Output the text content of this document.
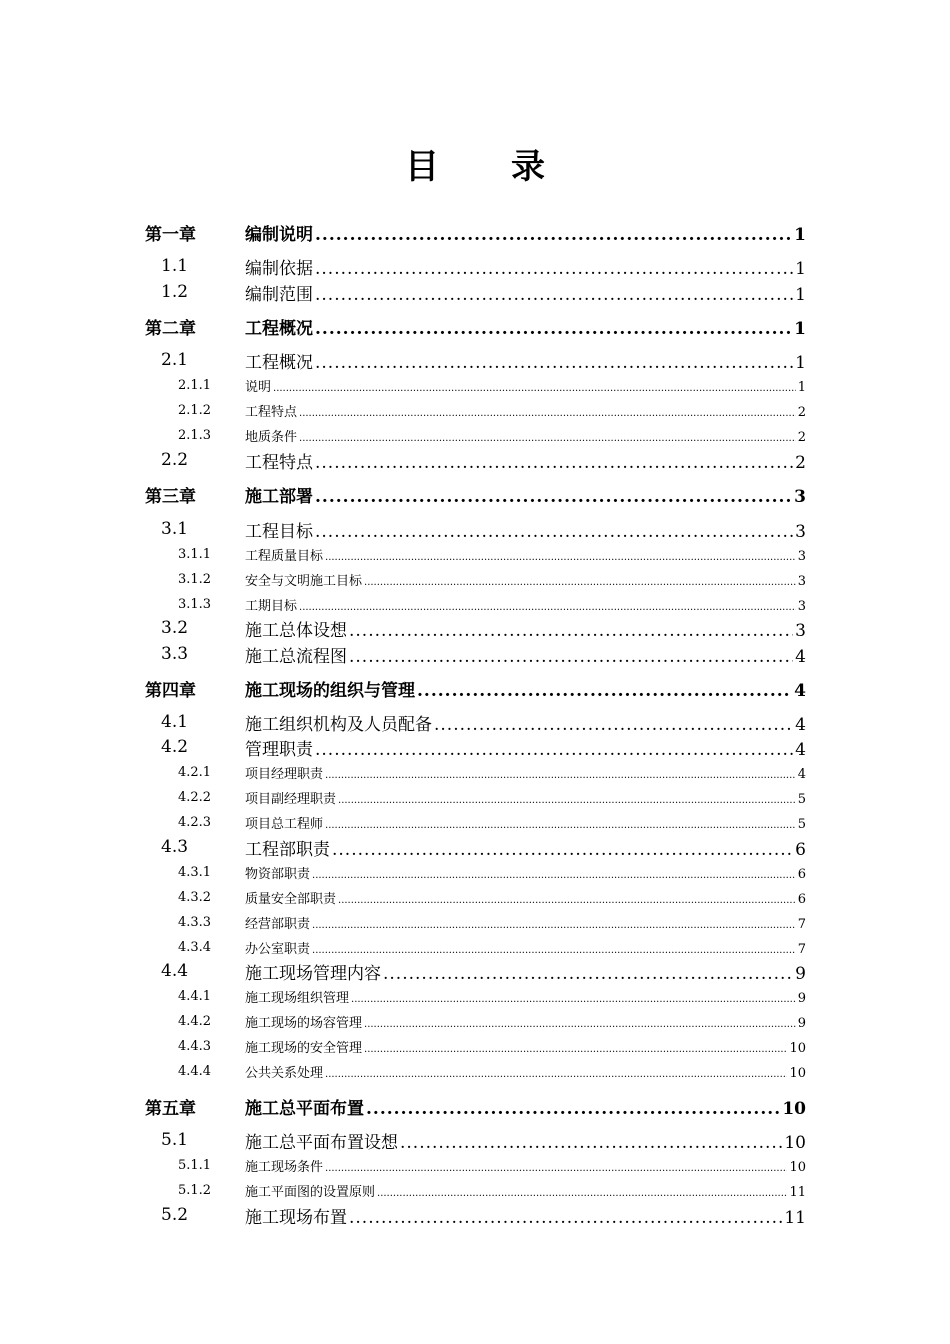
目 录
第一章	编制说明 .....	1
1.1	编制依据 .....	1
1.2	编制范围 .....	1
第二章	工程概况 .....	1
2.1	工程概况 .....	1
2.1.1	说明 .....	1
2.1.2	工程特点 .....	2
2.1.3	地质条件 .....	2
2.2	工程特点 .....	2
第三章	施工部署 .....	3
3.1	工程目标 .....	3
3.1.1	工程质量目标 .....	3
3.1.2	安全与文明施工目标 .....	3
3.1.3	工期目标 .....	3
3.2	施工总体设想 .....	3
3.3	施工总流程图 .....	4
第四章	施工现场的组织与管理 .....	4
4.1	施工组织机构及人员配备 .....	4
4.2	管理职责 .....	4
4.2.1	项目经理职责 .....	4
4.2.2	项目副经理职责 .....	5
4.2.3	项目总工程师 .....	5
4.3	工程部职责 .....	6
4.3.1	物资部职责 .....	6
4.3.2	质量安全部职责 .....	6
4.3.3	经营部职责 .....	7
4.3.4	办公室职责 .....	7
4.4	施工现场管理内容 .....	9
4.4.1	施工现场组织管理 .....	9
4.4.2	施工现场的场容管理 .....	9
4.4.3	施工现场的安全管理 .....	10
4.4.4	公共关系处理 .....	10
第五章	施工总平面布置 .....	10
5.1	施工总平面布置设想 .....	10
5.1.1	施工现场条件 .....	10
5.1.2	施工平面图的设置原则 .....	11
5.2	施工现场布置 .....	11
